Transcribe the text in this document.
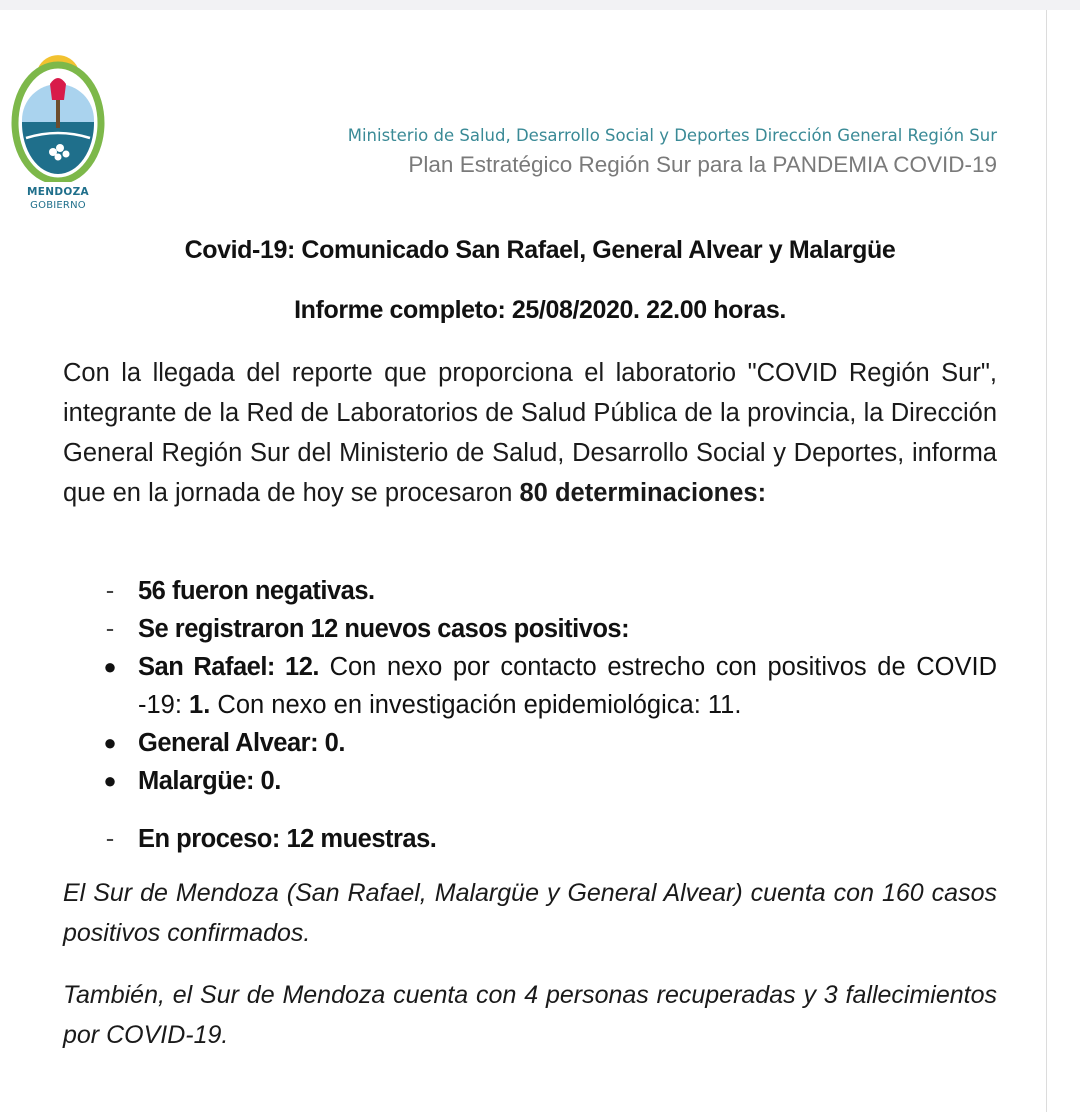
MENDOZA
GOBIERNO
Ministerio de Salud, Desarrollo Social y Deportes Dirección General Región Sur
Plan Estratégico Región Sur para la PANDEMIA COVID-19
Covid-19: Comunicado San Rafael, General Alvear y Malargüe
Informe completo: 25/08/2020. 22.00 horas.
Con la llegada del reporte que proporciona el laboratorio "COVID Región Sur", integrante de la Red de Laboratorios de Salud Pública de la provincia, la Dirección General Región Sur del Ministerio de Salud, Desarrollo Social y Deportes, informa que en la jornada de hoy se procesaron 80 determinaciones:
- 56 fueron negativas.
- Se registraron 12 nuevos casos positivos:
● San Rafael: 12. Con nexo por contacto estrecho con positivos de COVID -19: 1. Con nexo en investigación epidemiológica: 11.
● General Alvear: 0.
● Malargüe: 0.
- En proceso: 12 muestras.
El Sur de Mendoza (San Rafael, Malargüe y General Alvear) cuenta con 160 casos positivos confirmados.
También, el Sur de Mendoza cuenta con 4 personas recuperadas y 3 fallecimientos por COVID-19.
